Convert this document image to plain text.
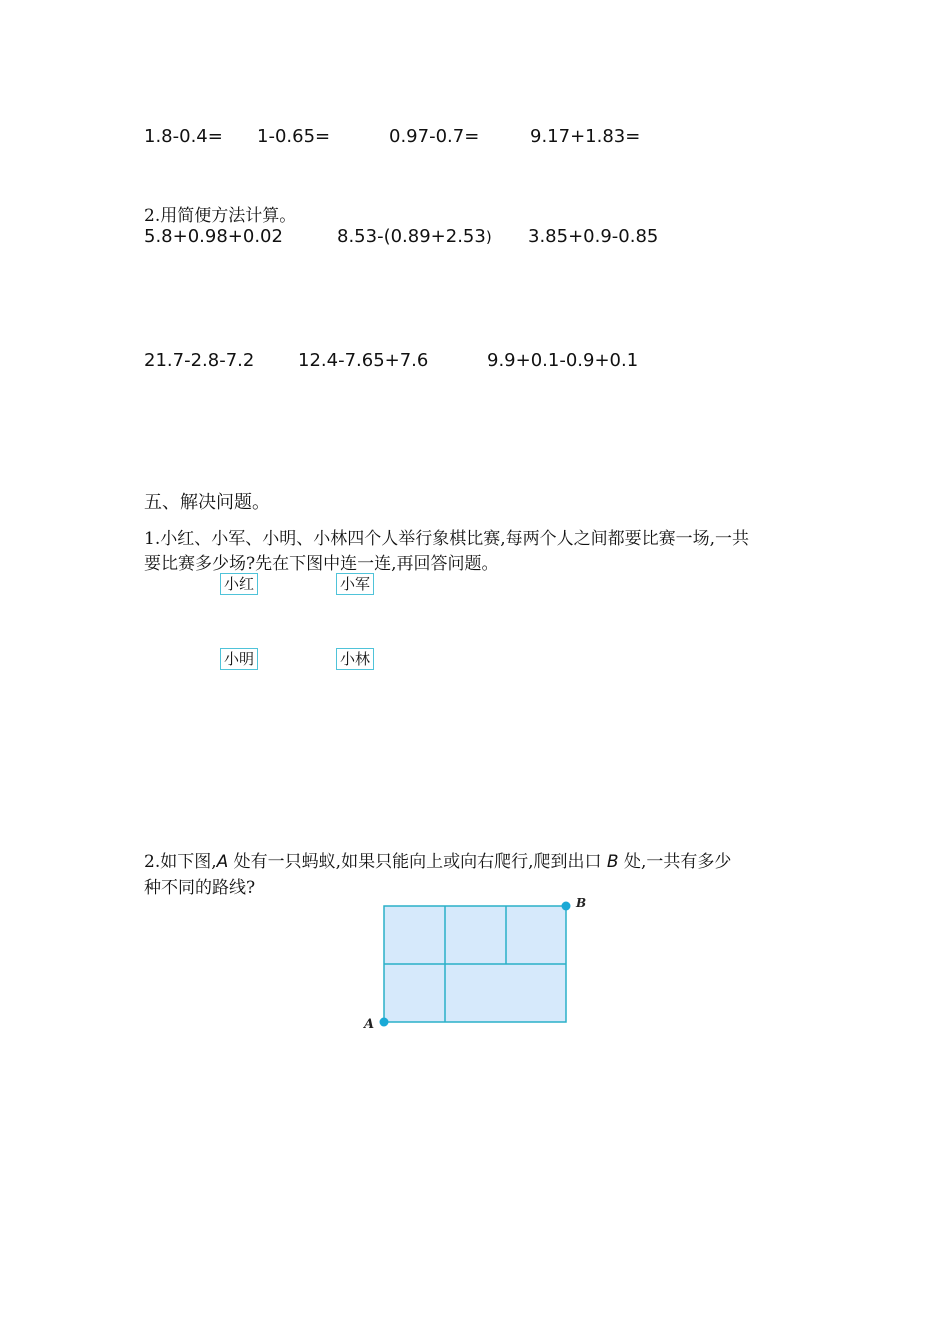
1.8-0.4= 1-0.65=	0.97-0.7=	9.17+1.83=
2.用简便方法计算。
5.8+0.98+0.02	8.53-(0.89+2.53) 3.85+0.9-0.85
21.7-2.8-7.2 12.4-7.65+7.6	9.9+0.1-0.9+0.1
五、解决问题。
1.小红、小军、小明、小林四个人举行象棋比赛,每两个人之间都要比赛一场,一共
要比赛多少场?先在下图中连一连,再回答问题。
小红	小军
小明	小林
2.如下图,A 处有一只蚂蚁,如果只能向上或向右爬行,爬到出口 B 处,一共有多少
种不同的路线?
A
B
